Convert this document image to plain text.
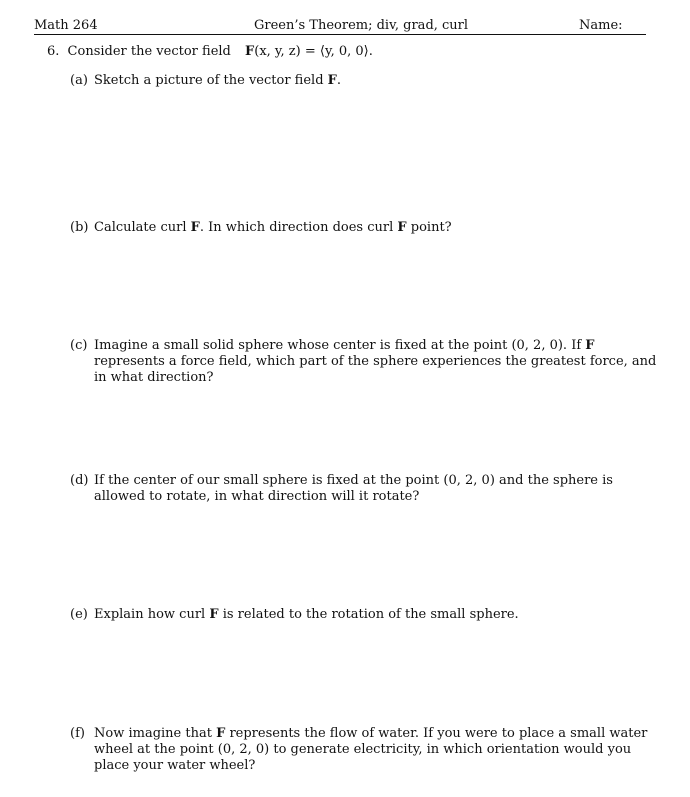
Math 264	Green’s Theorem; div, grad, curl	Name:
6. Consider the vector field F(x, y, z) = ⟨y, 0, 0⟩.
(a) Sketch a picture of the vector field F.
(b) Calculate curl F. In which direction does curl F point?
(c) Imagine a small solid sphere whose center is fixed at the point (0, 2, 0). If F represents a force field, which part of the sphere experiences the greatest force, and in what direction?
(d) If the center of our small sphere is fixed at the point (0, 2, 0) and the sphere is allowed to rotate, in what direction will it rotate?
(e) Explain how curl F is related to the rotation of the small sphere.
(f) Now imagine that F represents the flow of water. If you were to place a small water wheel at the point (0, 2, 0) to generate electricity, in which orientation would you place your water wheel?
